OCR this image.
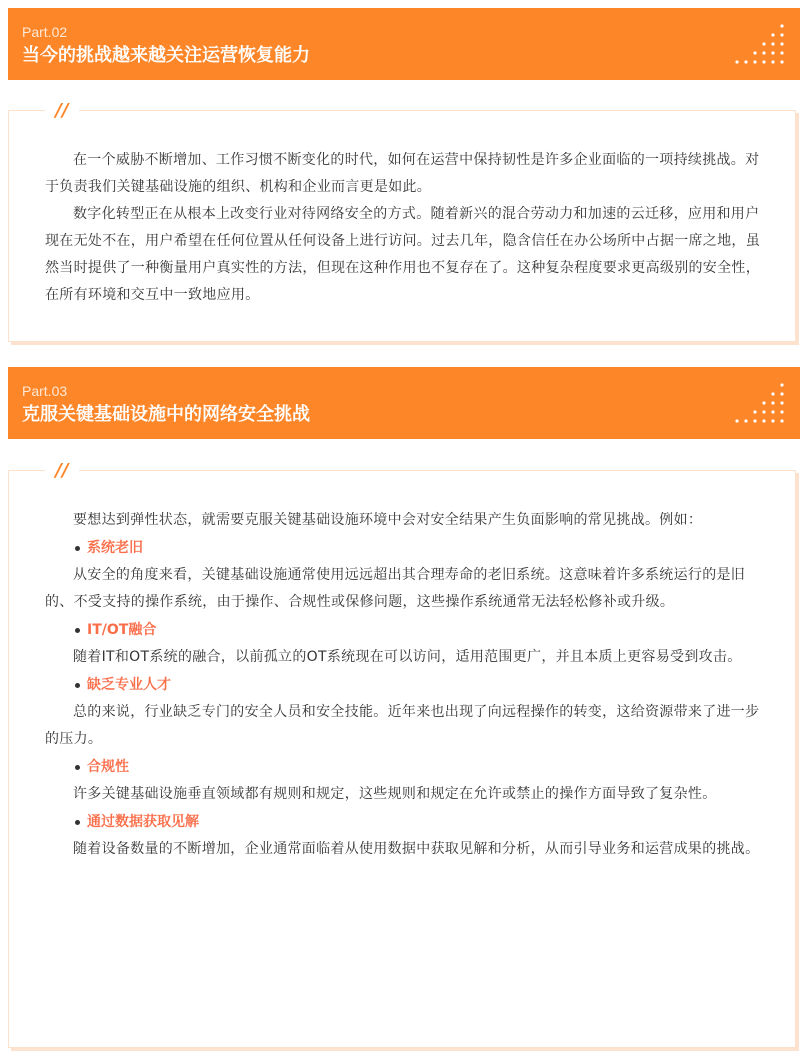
Part.02
当今的挑战越来越关注运营恢复能力
//

在一个威胁不断增加、工作习惯不断变化的时代，如何在运营中保持韧性是许多企业面临的一项持续挑战。对于负责我们关键基础设施的组织、机构和企业而言更是如此。

数字化转型正在从根本上改变行业对待网络安全的方式。随着新兴的混合劳动力和加速的云迁移，应用和用户现在无处不在，用户希望在任何位置从任何设备上进行访问。过去几年，隐含信任在办公场所中占据一席之地，虽然当时提供了一种衡量用户真实性的方法，但现在这种作用也不复存在了。这种复杂程度要求更高级别的安全性，在所有环境和交互中一致地应用。

Part.03
克服关键基础设施中的网络安全挑战
//

要想达到弹性状态，就需要克服关键基础设施环境中会对安全结果产生负面影响的常见挑战。例如：

系统老旧

从安全的角度来看，关键基础设施通常使用远远超出其合理寿命的老旧系统。这意味着许多系统运行的是旧的、不受支持的操作系统，由于操作、合规性或保修问题，这些操作系统通常无法轻松修补或升级。

IT/OT融合

随着IT和OT系统的融合，以前孤立的OT系统现在可以访问，适用范围更广，并且本质上更容易受到攻击。

缺乏专业人才

总的来说，行业缺乏专门的安全人员和安全技能。近年来也出现了向远程操作的转变，这给资源带来了进一步的压力。

合规性

许多关键基础设施垂直领域都有规则和规定，这些规则和规定在允许或禁止的操作方面导致了复杂性。

通过数据获取见解

随着设备数量的不断增加，企业通常面临着从使用数据中获取见解和分析，从而引导业务和运营成果的挑战。
